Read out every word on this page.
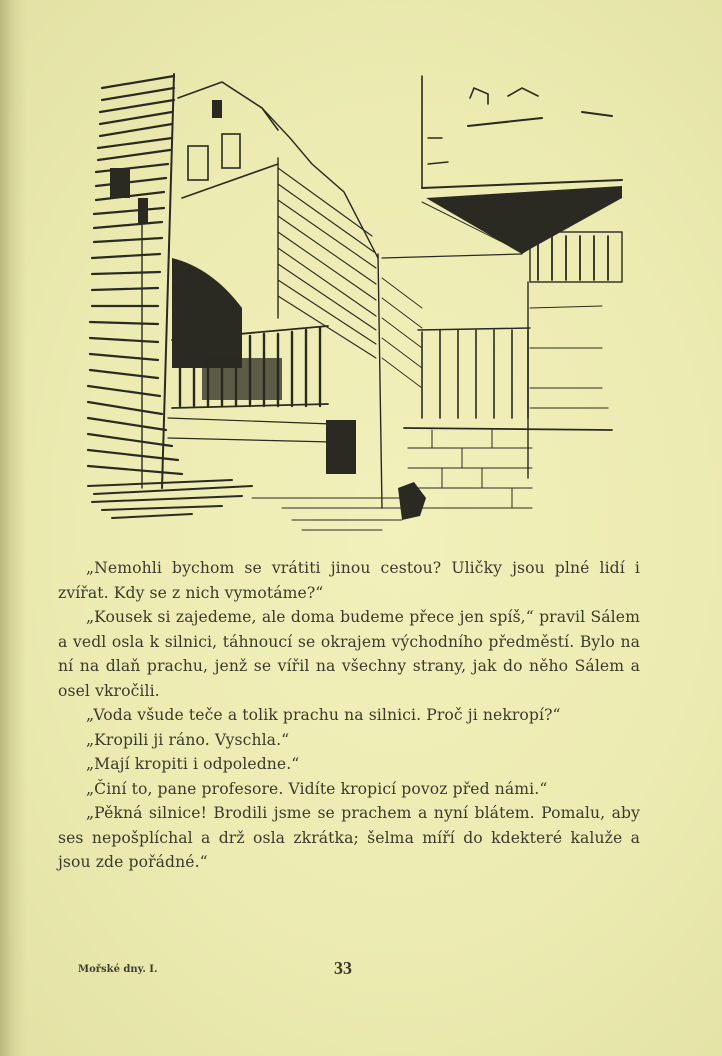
„Nemohli bychom se vrátiti jinou cestou? Uličky jsou plné lidí i zvířat. Kdy se z nich vymotáme?“

„Kousek si zajedeme, ale doma budeme přece jen spíš,“ pravil Sálem a vedl osla k silnici, táhnoucí se okrajem východního předměstí. Bylo na ní na dlaň prachu, jenž se vířil na všechny strany, jak do něho Sálem a osel vkročili.

„Voda všude teče a tolik prachu na silnici. Proč ji nekropí?“

„Kropili ji ráno. Vyschla.“

„Mají kropiti i odpoledne.“

„Činí to, pane profesore. Vidíte kropicí povoz před námi.“

„Pěkná silnice! Brodili jsme se prachem a nyní blátem. Pomalu, aby ses nepošplíchal a drž osla zkrátka; šelma míří do kdekteré kaluže a jsou zde pořádné.“

Mořské dny. I.	33
